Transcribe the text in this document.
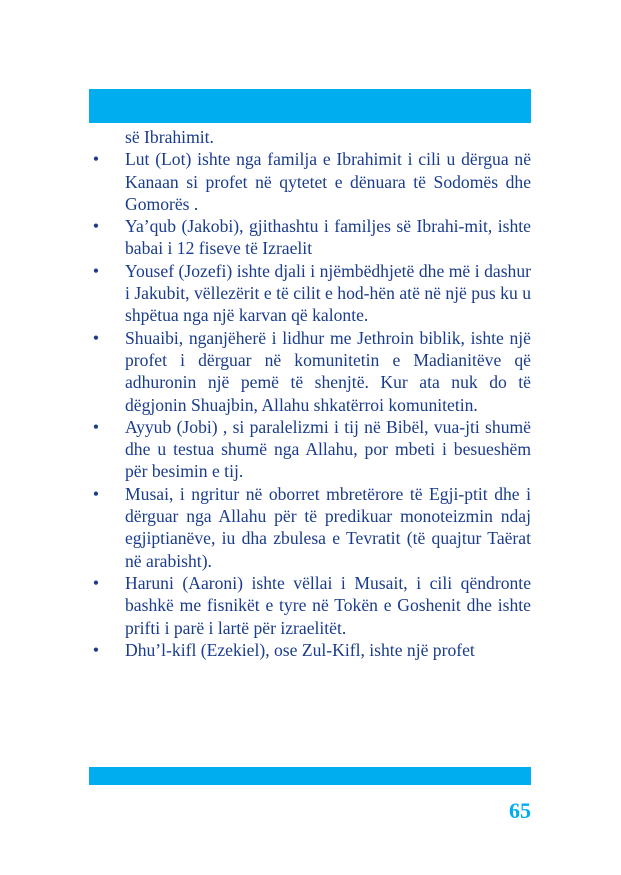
së Ibrahimit.

• Lut (Lot) ishte nga familja e Ibrahimit i cili u dërgua në Kanaan si profet në qytetet e dënuara të Sodomës dhe Gomorës .
• Ya’qub (Jakobi), gjithashtu i familjes së Ibrahi-mit, ishte babai i 12 fiseve të Izraelit
• Yousef (Jozefi) ishte djali i njëmbëdhjetë dhe më i dashur i Jakubit, vëllezërit e të cilit e hod-hën atë në një pus ku u shpëtua nga një karvan që kalonte.
• Shuaibi, nganjëherë i lidhur me Jethroin biblik, ishte një profet i dërguar në komunitetin e Madianitëve që adhuronin një pemë të shenjtë. Kur ata nuk do të dëgjonin Shuajbin, Allahu shkatërroi komunitetin.
• Ayyub (Jobi) , si paralelizmi i tij në Bibël, vua-jti shumë dhe u testua shumë nga Allahu, por mbeti i besueshëm për besimin e tij.
• Musai, i ngritur në oborret mbretërore të Egji-ptit dhe i dërguar nga Allahu për të predikuar monoteizmin ndaj egjiptianëve, iu dha zbulesa e Tevratit (të quajtur Taërat në arabisht).
• Haruni (Aaroni) ishte vëllai i Musait, i cili qëndronte bashkë me fisnikët e tyre në Tokën e Goshenit dhe ishte prifti i parë i lartë për izraelitët.
• Dhu’l-kifl (Ezekiel), ose Zul-Kifl, ishte një profet
65
